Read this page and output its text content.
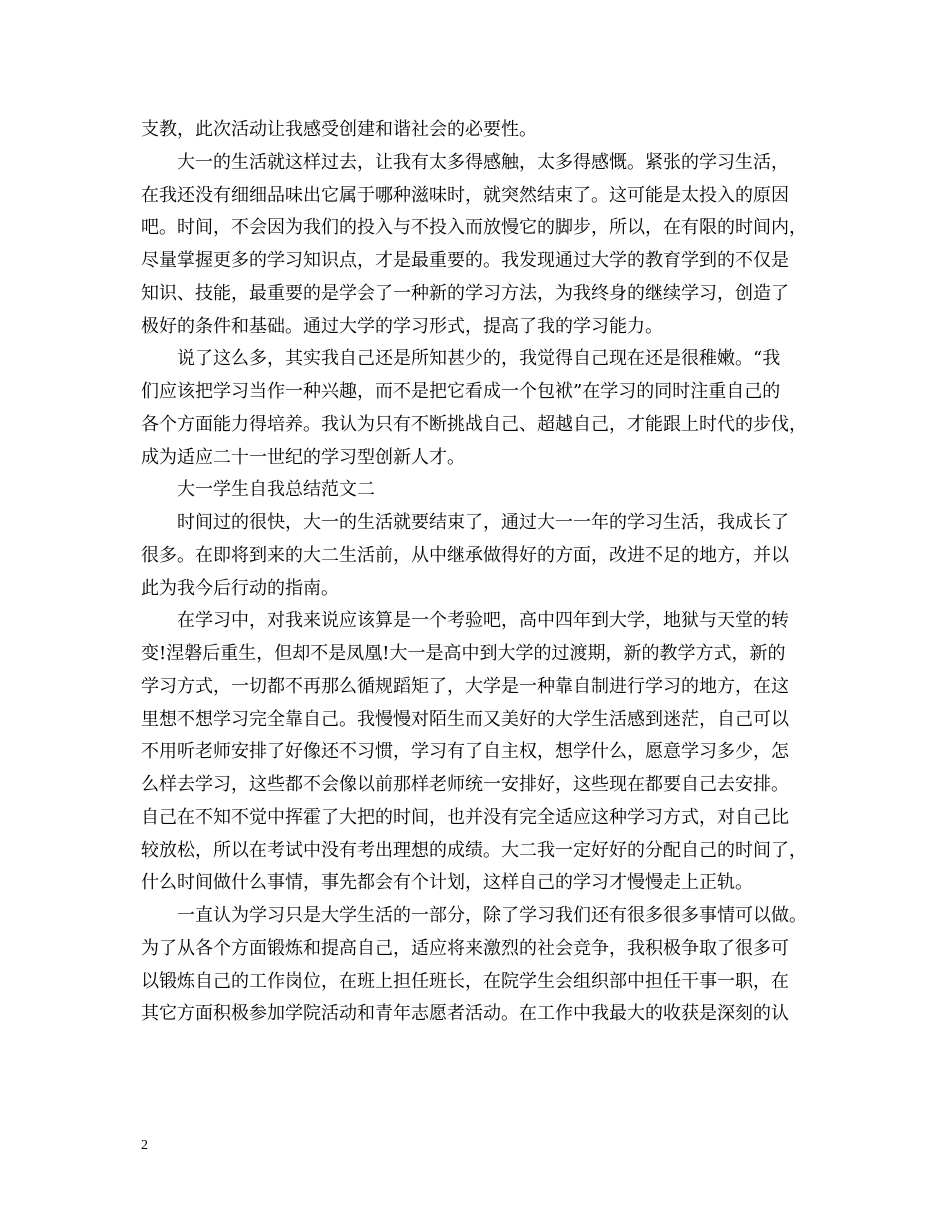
支教，此次活动让我感受创建和谐社会的必要性。
大一的生活就这样过去，让我有太多得感触，太多得感慨。紧张的学习生活，
在我还没有细细品味出它属于哪种滋味时，就突然结束了。这可能是太投入的原因
吧。时间，不会因为我们的投入与不投入而放慢它的脚步，所以，在有限的时间内，
尽量掌握更多的学习知识点，才是最重要的。我发现通过大学的教育学到的不仅是
知识、技能，最重要的是学会了一种新的学习方法，为我终身的继续学习，创造了
极好的条件和基础。通过大学的学习形式，提高了我的学习能力。
说了这么多，其实我自己还是所知甚少的，我觉得自己现在还是很稚嫩。“我
们应该把学习当作一种兴趣，而不是把它看成一个包袱”在学习的同时注重自己的
各个方面能力得培养。我认为只有不断挑战自己、超越自己，才能跟上时代的步伐，
成为适应二十一世纪的学习型创新人才。
大一学生自我总结范文二
时间过的很快，大一的生活就要结束了，通过大一一年的学习生活，我成长了
很多。在即将到来的大二生活前，从中继承做得好的方面，改进不足的地方，并以
此为我今后行动的指南。
在学习中，对我来说应该算是一个考验吧，高中四年到大学，地狱与天堂的转
变!涅磐后重生，但却不是凤凰!大一是高中到大学的过渡期，新的教学方式，新的
学习方式，一切都不再那么循规蹈矩了，大学是一种靠自制进行学习的地方，在这
里想不想学习完全靠自己。我慢慢对陌生而又美好的大学生活感到迷茫，自己可以
不用听老师安排了好像还不习惯，学习有了自主权，想学什么，愿意学习多少，怎
么样去学习，这些都不会像以前那样老师统一安排好，这些现在都要自己去安排。
自己在不知不觉中挥霍了大把的时间，也并没有完全适应这种学习方式，对自己比
较放松，所以在考试中没有考出理想的成绩。大二我一定好好的分配自己的时间了，
什么时间做什么事情，事先都会有个计划，这样自己的学习才慢慢走上正轨。
一直认为学习只是大学生活的一部分，除了学习我们还有很多很多事情可以做。
为了从各个方面锻炼和提高自己，适应将来激烈的社会竞争，我积极争取了很多可
以锻炼自己的工作岗位，在班上担任班长，在院学生会组织部中担任干事一职，在
其它方面积极参加学院活动和青年志愿者活动。在工作中我最大的收获是深刻的认
2
